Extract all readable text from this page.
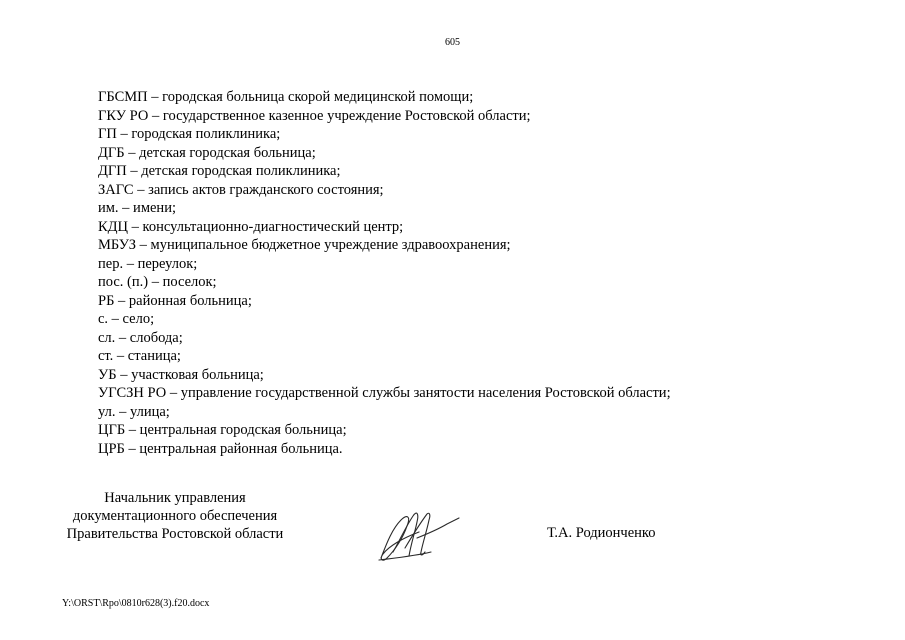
605
ГБСМП – городская больница скорой медицинской помощи;
ГКУ РО – государственное казенное учреждение Ростовской области;
ГП – городская поликлиника;
ДГБ – детская городская больница;
ДГП – детская городская поликлиника;
ЗАГС – запись актов гражданского состояния;
им. – имени;
КДЦ – консультационно-диагностический центр;
МБУЗ – муниципальное бюджетное учреждение здравоохранения;
пер. – переулок;
пос. (п.) – поселок;
РБ – районная больница;
с. – село;
сл. – слобода;
ст. – станица;
УБ – участковая больница;
УГСЗН РО – управление государственной службы занятости населения Ростовской области;
ул. – улица;
ЦГБ – центральная городская больница;
ЦРБ – центральная районная больница.
Начальник управления
документационного обеспечения
Правительства Ростовской области	Т.А. Родионченко
Y:\ORST\Rpo\0810r628(3).f20.docx
